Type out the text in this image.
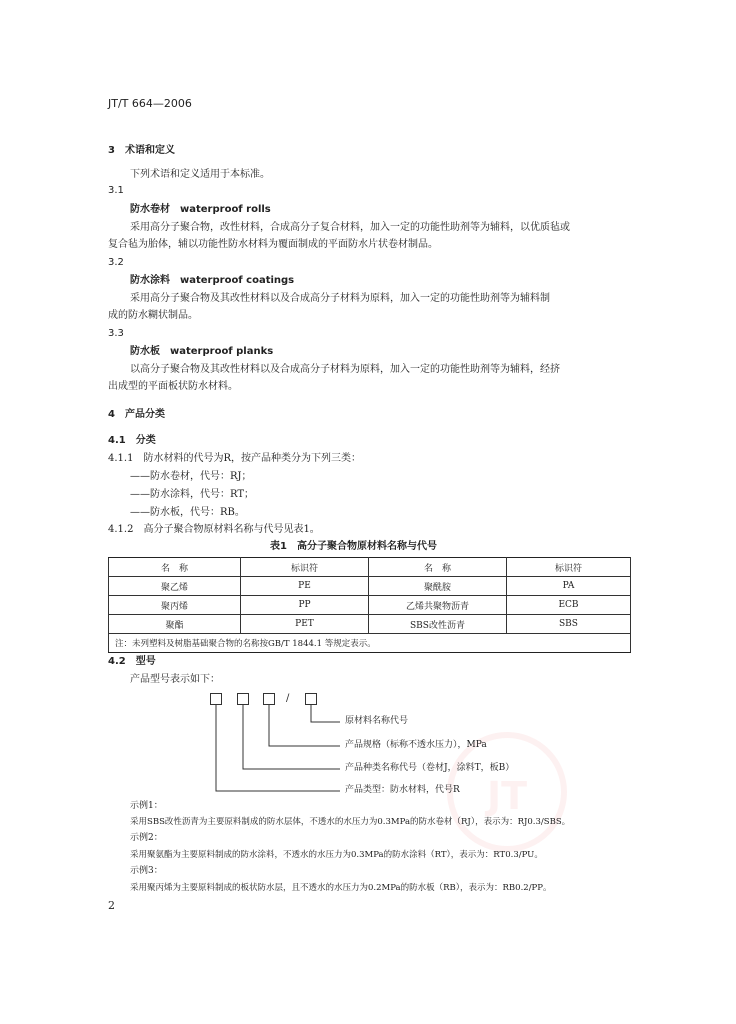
JT
JT/T 664—2006
3　术语和定义
下列术语和定义适用于本标准。
3.1
防水卷材　waterproof rolls
采用高分子聚合物，改性材料，合成高分子复合材料，加入一定的功能性助剂等为辅料，以优质毡或
复合毡为胎体，辅以功能性防水材料为覆面制成的平面防水片状卷材制品。
3.2
防水涂料　waterproof coatings
采用高分子聚合物及其改性材料以及合成高分子材料为原料，加入一定的功能性助剂等为辅料制
成的防水糊状制品。
3.3
防水板　waterproof planks
以高分子聚合物及其改性材料以及合成高分子材料为原料，加入一定的功能性助剂等为辅料，经挤
出成型的平面板状防水材料。
4　产品分类
4.1　分类
4.1.1　防水材料的代号为R，按产品种类分为下列三类：
——防水卷材，代号：RJ；
——防水涂料，代号：RT；
——防水板，代号：RB。
4.1.2　高分子聚合物原材料名称与代号见表1。
表1　高分子聚合物原材料名称与代号
名　称	标识符	名　称	标识符
聚乙烯	PE	聚酰胺	PA
聚丙烯	PP	乙烯共聚物沥青	ECB
聚酯	PET	SBS改性沥青	SBS
注：未列塑料及树脂基础聚合物的名称按GB/T 1844.1 等规定表示。			
4.2　型号
产品型号表示如下：
/
原材料名称代号
产品规格（标称不透水压力），MPa
产品种类名称代号（卷材J，涂料T，板B）
产品类型：防水材料，代号R
示例1：
采用SBS改性沥青为主要原料制成的防水层体，不透水的水压力为0.3MPa的防水卷材（RJ），表示为：RJ0.3/SBS。
示例2：
采用聚氨酯为主要原料制成的防水涂料，不透水的水压力为0.3MPa的防水涂料（RT），表示为：RT0.3/PU。
示例3：
采用聚丙烯为主要原料制成的板状防水层，且不透水的水压力为0.2MPa的防水板（RB），表示为：RB0.2/PP。
2
